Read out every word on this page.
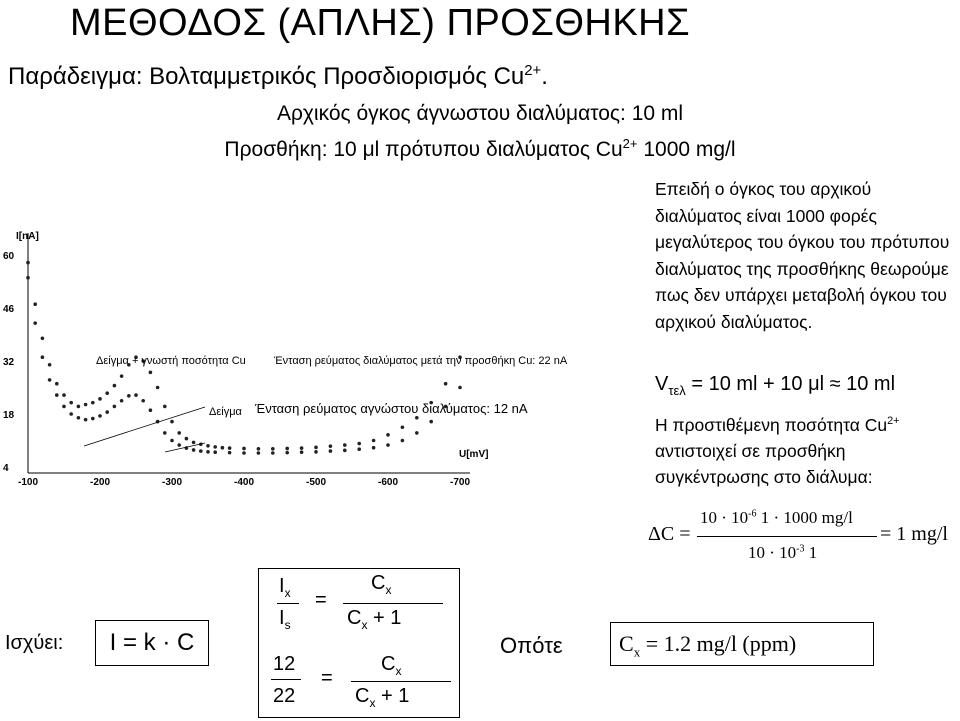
ΜΕΘΟΔΟΣ (ΑΠΛΗΣ) ΠΡΟΣΘΗΚΗΣ
Παράδειγμα: Βολταμμετρικός Προσδιορισμός $Cu^{2+}$.
Αρχικός όγκος άγνωστου διαλύματος: 10 ml
Προσθήκη: 10 μl πρότυπου διαλύματος $Cu^{2+}$ 1000 mg/l
I[nA]
U[mV]
4
18
32
46
60
-100	-200	-300	-400	-500	-600	-700
Δείγμα + γνωστή ποσότητα Cu	Ένταση ρεύματος διαλύματος μετά την προσθήκη Cu: 22 nA
Δείγμα Ένταση ρεύματος αγνώστου διαλύματος: 12 nA
Επειδή ο όγκος του αρχικού διαλύματος είναι 1000 φορές μεγαλύτερος του όγκου του πρότυπου διαλύματος της προσθήκης θεωρούμε πως δεν υπάρχει μεταβολή όγκου του αρχικού διαλύματος.
$V_{\tau\varepsilon\lambda} = 10$ ml + 10 μl ≈ 10 ml
Η προστιθέμενη ποσότητα $Cu^{2+}$ αντιστοιχεί σε προσθήκη συγκέντρωσης στο διάλυμα:
ΔC =
$10 \cdot 10^{-6}$ 1 · 1000 mg/l
$10 \cdot 10^{-3}$ 1
= 1 mg/l
Ισχύει:	I = k · C
$I_x$
$I_s$
=
$C_x$
$C_x + 1$
12
22
=
$C_x$
$C_x + 1$
Οπότε	$C_x = 1.2$ mg/l (ppm)
